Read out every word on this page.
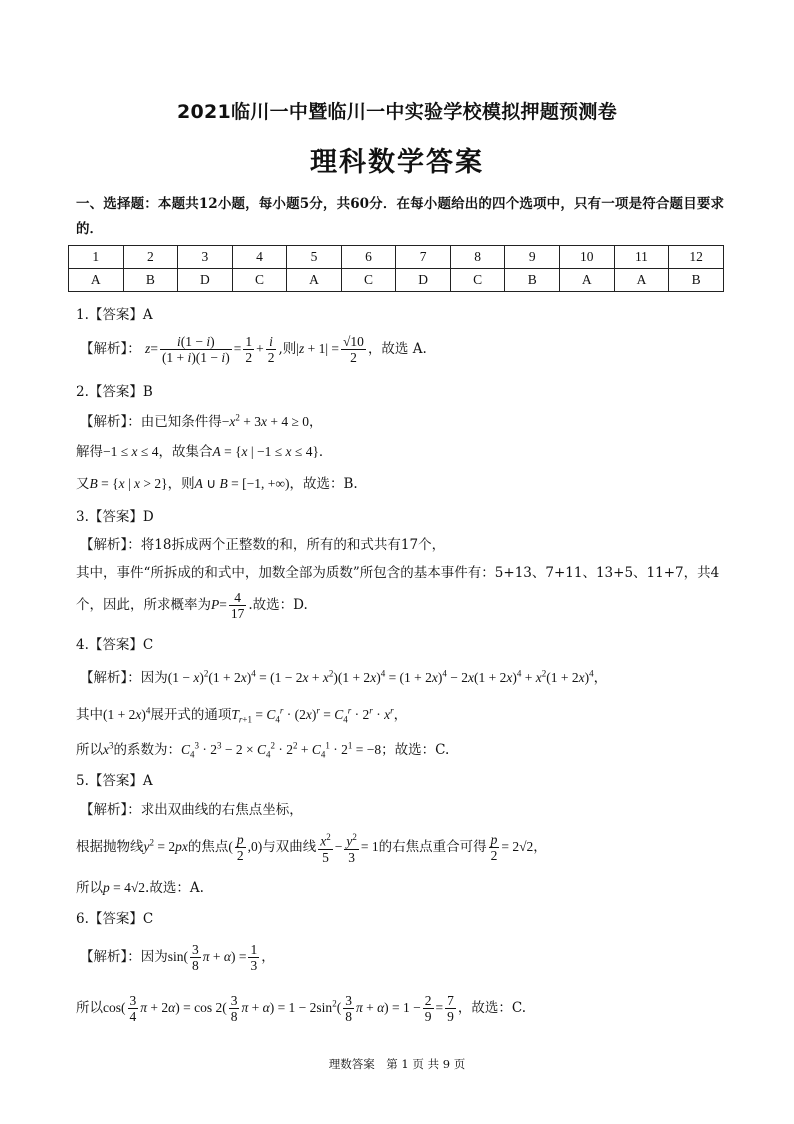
2021临川一中暨临川一中实验学校模拟押题预测卷
理科数学答案
一、选择题：本题共12小题，每小题5分，共60分．在每小题给出的四个选项中，只有一项是符合题目要求的．
1	2	3	4	5	6	7	8	9	10	11	12
A	B	D	C	A	C	D	C	B	A	A	B
1.【答案】A
【解析】： $z= \frac{i(1 - i)}{(1 + i)(1 - i)} = \frac{1}{2} + \frac{i}{2}$ ,则$|z + 1| = \frac{√10}{2}$ ，故选 A.
2.【答案】B
【解析】：由已知条件得$-x^2 + 3x + 4 \ge 0$，
解得−1 ≤ x ≤ 4，故集合A = {x | −1 ≤ x ≤ 4}．
又B = {x | x > 2}，则A ∪ B = [−1, +∞)，故选：B.
3.【答案】D
【解析】：将18拆成两个正整数的和，所有的和式共有17个，
其中，事件“所拆成的和式中，加数全部为质数”所包含的基本事件有：5+13、7+11、13+5、11+7，共4
个，因此，所求概率为$P= \frac{4}{17}$ .故选：D.
4.【答案】C
【解析】：因为$(1 - x)^2(1 + 2x)^4 = (1 - 2x + x^2)(1 + 2x)^4 = (1 + 2x)^4 - 2x(1 + 2x)^4 + x^2(1 + 2x)^4$，
其中$(1 + 2x)^4$展开式的通项$T_{r+1} = C_4^r \cdot (2x)^r = C_4^r \cdot 2^r \cdot x^r$，
所以$x^3$的系数为：$C_4^3 \cdot 2^3 - 2 \times C_4^2 \cdot 2^2 + C_4^1 \cdot 2^1 = -8$；故选：C.
5.【答案】A
【解析】：求出双曲线的右焦点坐标，
根据抛物线$y^2 = 2px$的焦点( $\frac{p}{2} ,0$)与双曲线 $\frac{x^2}{5} - \frac{y^2}{3} = 1$的右焦点重合可得 $\frac{p}{2} = 2√2$，
所以p = 4√2.故选：A.
6.【答案】C
【解析】：因为$\sin( \frac{3}{8}$ $\pi + \alpha) = \frac{1}{3}$ ，
所以$\cos( \frac{3}{4}$ $\pi + 2\alpha) = \cos 2( \frac{3}{8}$ $\pi + \alpha) = 1 - 2\sin^2( \frac{3}{8}$ $\pi + \alpha) = 1 - \frac{2}{9} = \frac{7}{9}$ ，故选：C.
理数答案　第 1 页 共 9 页
